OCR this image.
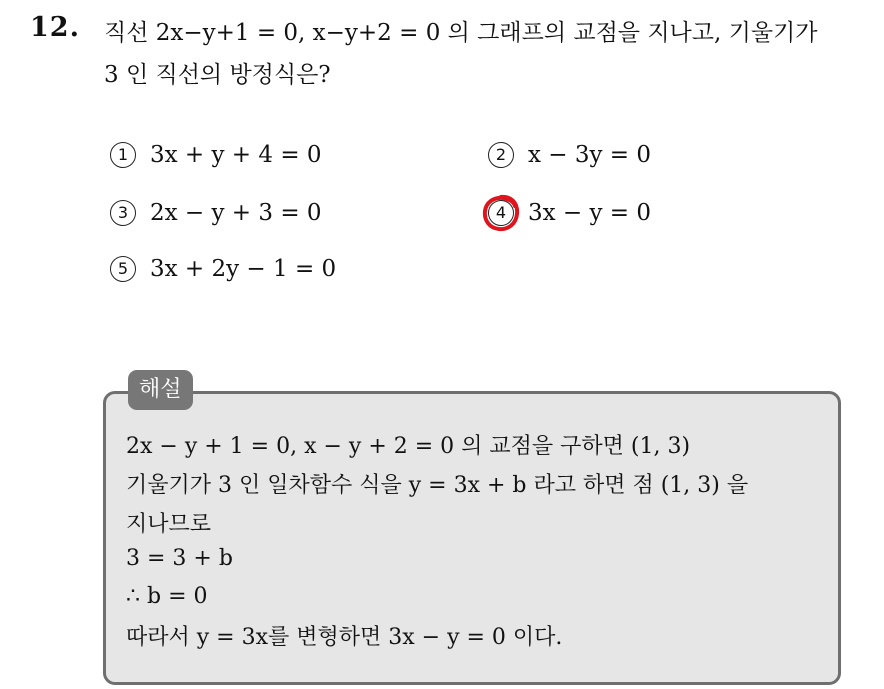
12. 직선 2x−y+1 = 0, x−y+2 = 0 의 그래프의 교점을 지나고, 기울기가
3 인 직선의 방정식은?
1 3x + y + 4 = 0	2 x − 3y = 0
3 2x − y + 3 = 0	4 3x − y = 0
5 3x + 2y − 1 = 0
해설
2x − y + 1 = 0, x − y + 2 = 0 의 교점을 구하면 (1, 3)
기울기가 3 인 일차함수 식을 y = 3x + b 라고 하면 점 (1, 3) 을
지나므로
3 = 3 + b
∴ b = 0
따라서 y = 3x를 변형하면 3x − y = 0 이다.
